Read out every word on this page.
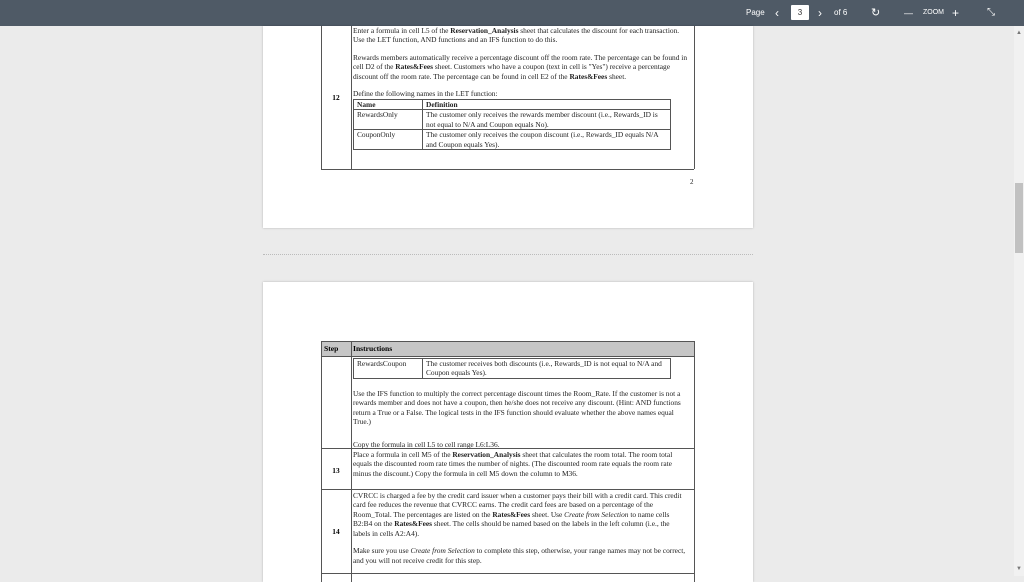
Page ‹	3	› of 6 ↻	— ZOOM +	⤡
▲
▼
12

Enter a formula in cell L5 of the Reservation_Analysis sheet that calculates the discount for each transaction. Use the LET function, AND functions and an IFS function to do this.

Rewards members automatically receive a percentage discount off the room rate. The percentage can be found in cell D2 of the Rates&Fees sheet. Customers who have a coupon (text in cell is "Yes") receive a percentage discount off the room rate. The percentage can be found in cell E2 of the Rates&Fees sheet.

Define the following names in the LET function:

Name	Definition
RewardsOnly	The customer only receives the rewards member discount (i.e., Rewards_ID is not equal to N/A and Coupon equals No).
CouponOnly	The customer only receives the coupon discount (i.e., Rewards_ID equals N/A and Coupon equals Yes).
2
Step Instructions
RewardsCoupon	The customer receives both discounts (i.e., Rewards_ID is not equal to N/A and Coupon equals Yes).
Use the IFS function to multiply the correct percentage discount times the Room_Rate. If the customer is not a rewards member and does not have a coupon, then he/she does not receive any discount. (Hint: AND functions return a True or a False. The logical tests in the IFS function should evaluate whether the above names equal True.)
Copy the formula in cell L5 to cell range L6:L36.
13
Place a formula in cell M5 of the Reservation_Analysis sheet that calculates the room total. The room total equals the discounted room rate times the number of nights. (The discounted room rate equals the room rate minus the discount.) Copy the formula in cell M5 down the column to M36.
14

CVRCC is charged a fee by the credit card issuer when a customer pays their bill with a credit card. This credit card fee reduces the revenue that CVRCC earns. The credit card fees are based on a percentage of the Room_Total. The percentages are listed on the Rates&Fees sheet. Use Create from Selection to name cells B2:B4 on the Rates&Fees sheet. The cells should be named based on the labels in the left column (i.e., the labels in cells A2:A4).

Make sure you use Create from Selection to complete this step, otherwise, your range names may not be correct, and you will not receive credit for this step.
